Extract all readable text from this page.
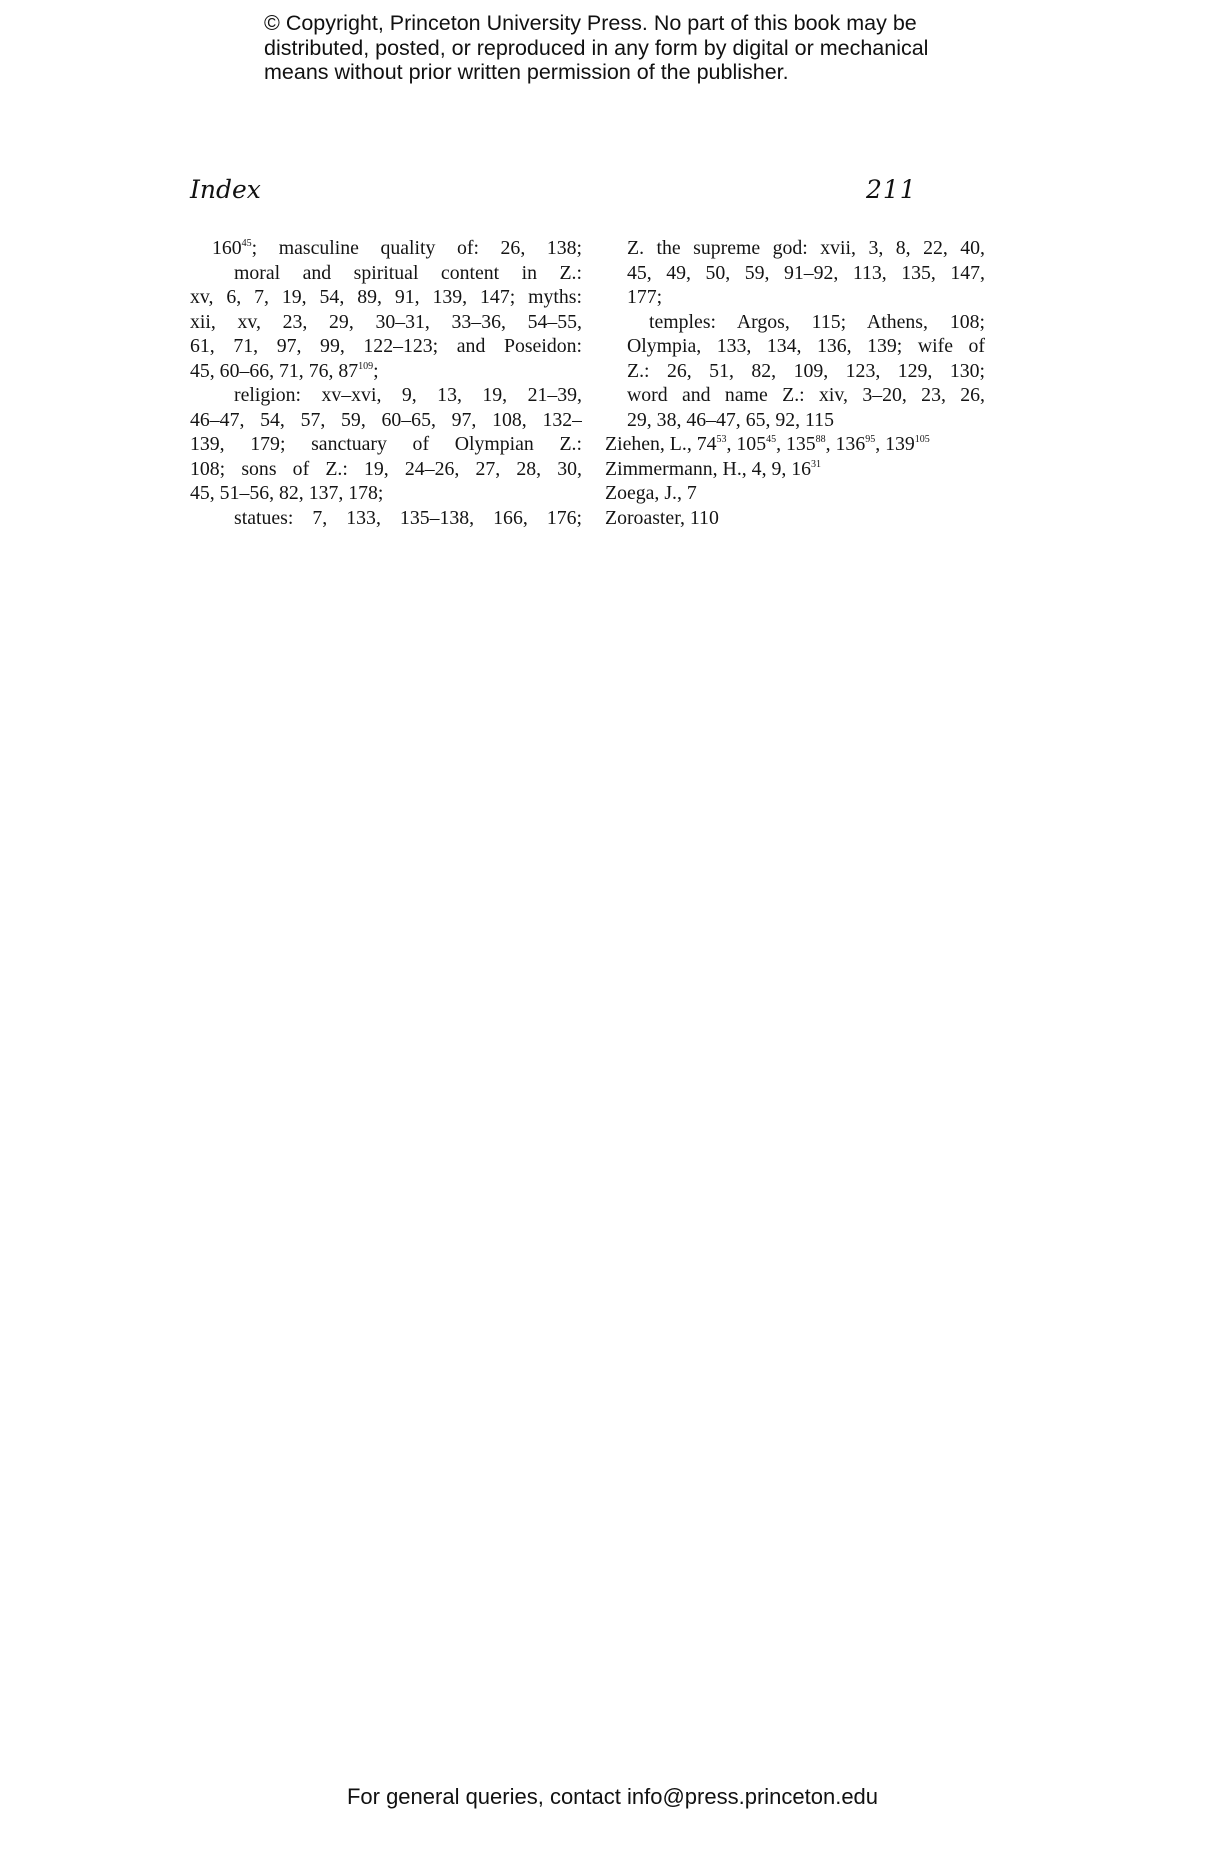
© Copyright, Princeton University Press. No part of this book may be
distributed, posted, or reproduced in any form by digital or mechanical
means without prior written permission of the publisher.
Index	211
$160^{45}$; masculine quality of: 26, 138;
moral and spiritual content in Z.:
xv, 6, 7, 19, 54, 89, 91, 139, 147; myths:
xii, xv, 23, 29, 30–31, 33–36, 54–55,
61, 71, 97, 99, 122–123; and Poseidon:
45, 60–66, 71, 76, $87^{109}$;
religion: xv–xvi, 9, 13, 19, 21–39,
46–47, 54, 57, 59, 60–65, 97, 108, 132–
139, 179; sanctuary of Olympian Z.:
108; sons of Z.: 19, 24–26, 27, 28, 30,
45, 51–56, 82, 137, 178;
statues: 7, 133, 135–138, 166, 176;
Z. the supreme god: xvii, 3, 8, 22, 40,
45, 49, 50, 59, 91–92, 113, 135, 147,
177;
temples: Argos, 115; Athens, 108;
Olympia, 133, 134, 136, 139; wife of
Z.: 26, 51, 82, 109, 123, 129, 130;
word and name Z.: xiv, 3–20, 23, 26,
29, 38, 46–47, 65, 92, 115
Ziehen, L., $74^{53}$, $105^{45}$, $135^{88}$, $136^{95}$, $139^{105}$
Zimmermann, H., 4, 9, $16^{31}$
Zoega, J., 7
Zoroaster, 110
For general queries, contact info@press.princeton.edu
